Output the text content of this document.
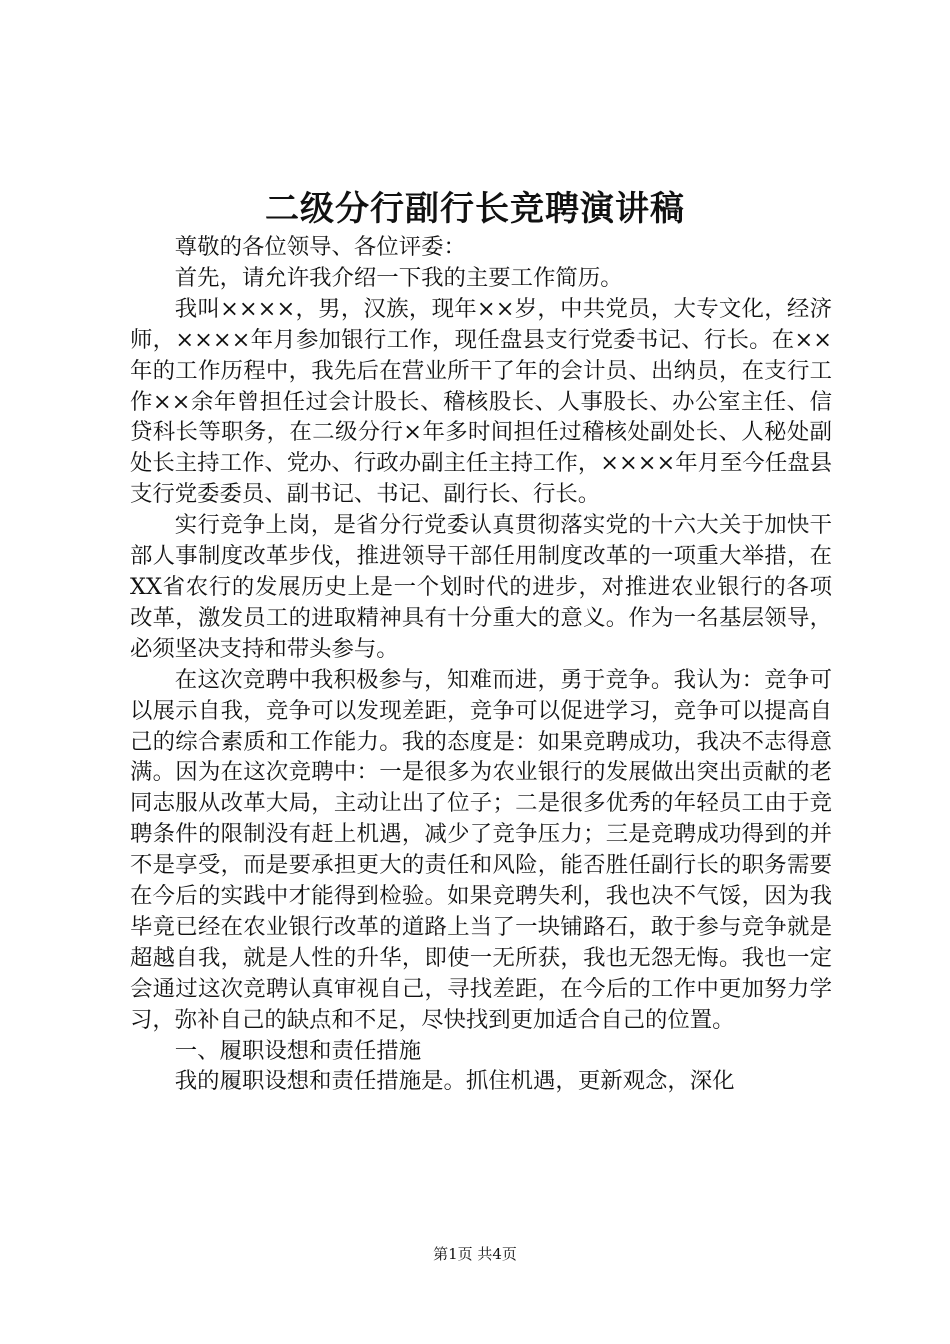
二级分行副行长竞聘演讲稿

尊敬的各位领导、各位评委：

首先，请允许我介绍一下我的主要工作简历。

我叫××××，男，汉族，现年××岁，中共党员，大专文化，经济师，××××年月参加银行工作，现任盘县支行党委书记、行长。在××年的工作历程中，我先后在营业所干了年的会计员、出纳员，在支行工作××余年曾担任过会计股长、稽核股长、人事股长、办公室主任、信贷科长等职务，在二级分行×年多时间担任过稽核处副处长、人秘处副处长主持工作、党办、行政办副主任主持工作，××××年月至今任盘县支行党委委员、副书记、书记、副行长、行长。

实行竞争上岗，是省分行党委认真贯彻落实党的十六大关于加快干部人事制度改革步伐，推进领导干部任用制度改革的一项重大举措，在XX省农行的发展历史上是一个划时代的进步，对推进农业银行的各项改革，激发员工的进取精神具有十分重大的意义。作为一名基层领导，必须坚决支持和带头参与。

在这次竞聘中我积极参与，知难而进，勇于竞争。我认为：竞争可以展示自我，竞争可以发现差距，竞争可以促进学习，竞争可以提高自己的综合素质和工作能力。我的态度是：如果竞聘成功，我决不志得意满。因为在这次竞聘中：一是很多为农业银行的发展做出突出贡献的老同志服从改革大局，主动让出了位子；二是很多优秀的年轻员工由于竞聘条件的限制没有赶上机遇，减少了竞争压力；三是竞聘成功得到的并不是享受，而是要承担更大的责任和风险，能否胜任副行长的职务需要在今后的实践中才能得到检验。如果竞聘失利，我也决不气馁，因为我毕竟已经在农业银行改革的道路上当了一块铺路石，敢于参与竞争就是超越自我，就是人性的升华，即使一无所获，我也无怨无悔。我也一定会通过这次竞聘认真审视自己，寻找差距，在今后的工作中更加努力学习，弥补自己的缺点和不足，尽快找到更加适合自己的位置。

一、履职设想和责任措施

我的履职设想和责任措施是。抓住机遇，更新观念，深化

第1页 共4页
